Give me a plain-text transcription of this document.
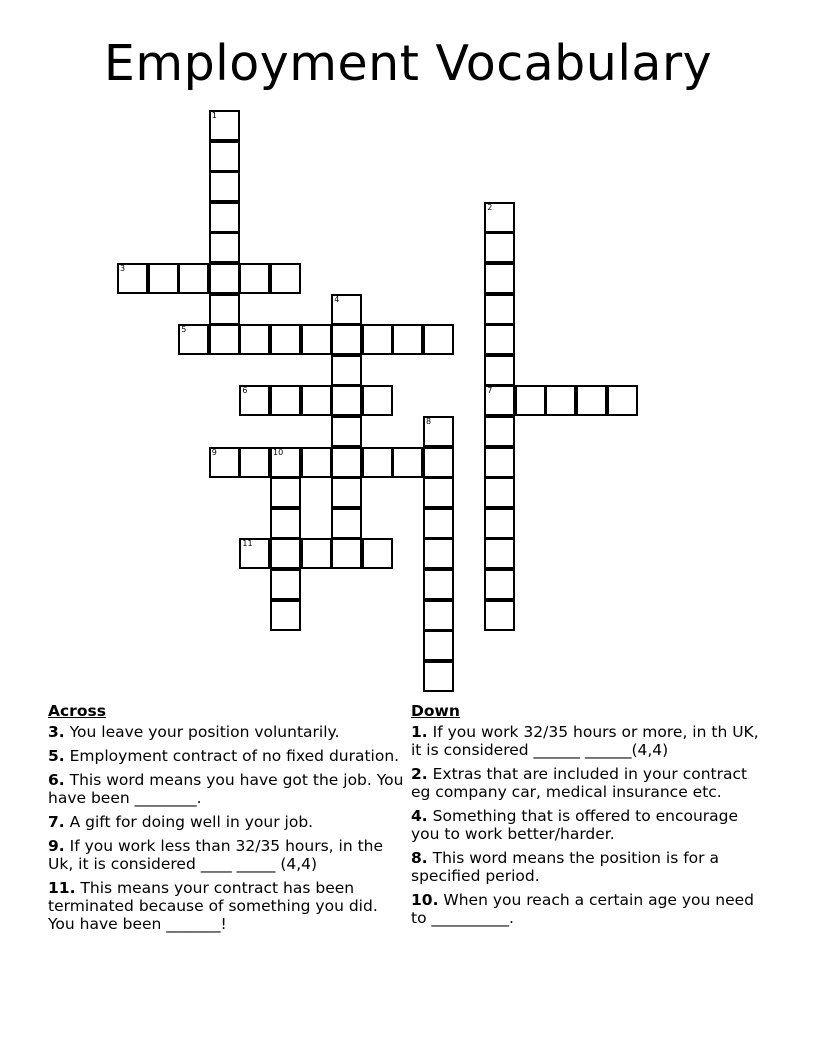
Employment Vocabulary
1
2
7
3
4
5
6
8
9	10
11
Across
3. You leave your position voluntarily.
5. Employment contract of no fixed duration.
6. This word means you have got the job. You have been ________.
7. A gift for doing well in your job.
9. If you work less than 32/35 hours, in the Uk, it is considered ____ _____ (4,4)
11. This means your contract has been terminated because of something you did. You have been _______!
Down
1. If you work 32/35 hours or more, in th UK, it is considered ______ ______(4,4)
2. Extras that are included in your contract eg company car, medical insurance etc.
4. Something that is offered to encourage you to work better/harder.
8. This word means the position is for a specified period.
10. When you reach a certain age you need to __________.
